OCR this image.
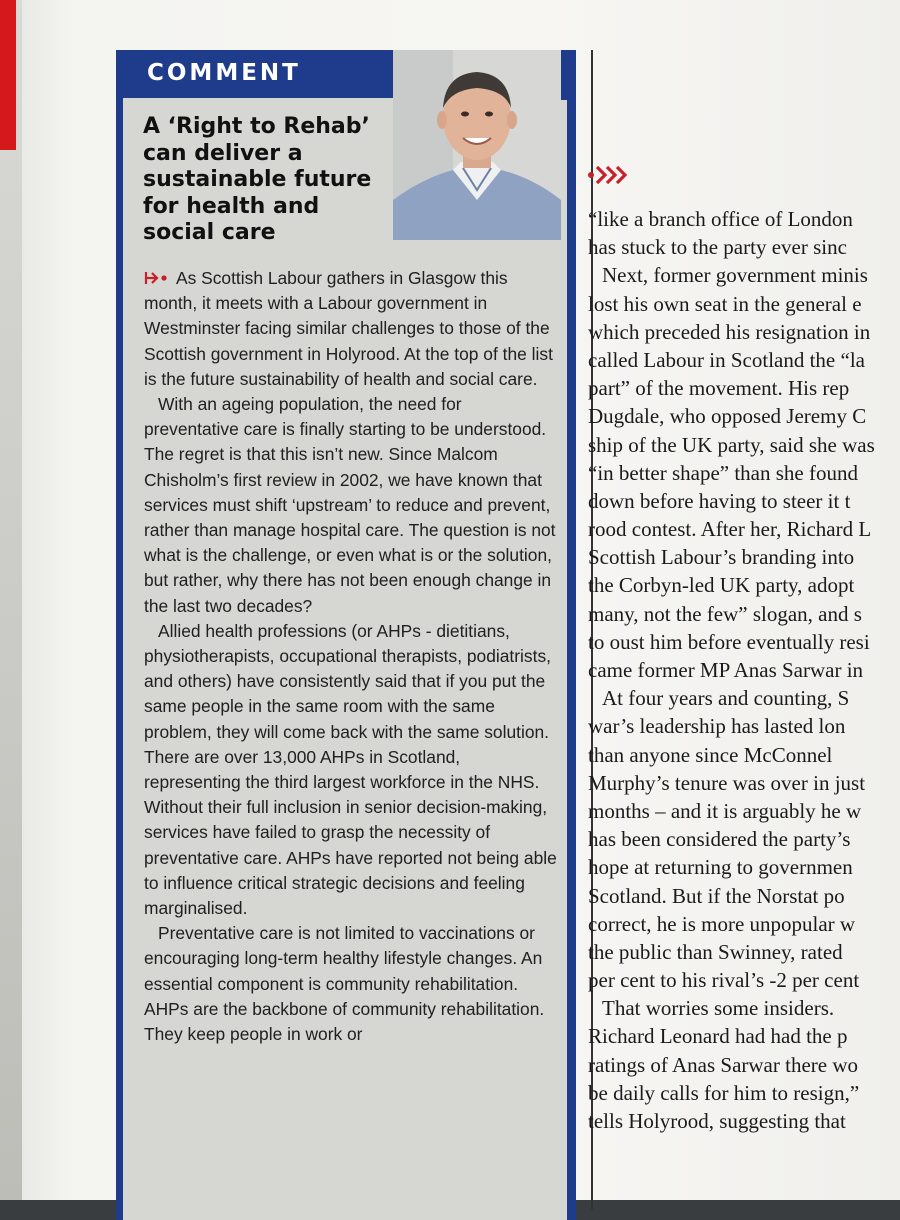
COMMENT
A ‘Right to Rehab’ can deliver a sustainable future for health and social care

As Scottish Labour gathers in Glasgow this month, it meets with a Labour government in Westminster facing similar challenges to those of the Scottish government in Holyrood. At the top of the list is the future sustainability of health and social care.

With an ageing population, the need for preventative care is finally starting to be understood. The regret is that this isn’t new. Since Malcom Chisholm’s first review in 2002, we have known that services must shift ‘upstream’ to reduce and prevent, rather than manage hospital care. The question is not what is the challenge, or even what is or the solution, but rather, why there has not been enough change in the last two decades?

Allied health professions (or AHPs - dietitians, physiotherapists, occupational therapists, podiatrists, and others) have consistently said that if you put the same people in the same room with the same problem, they will come back with the same solution. There are over 13,000 AHPs in Scotland, representing the third largest workforce in the NHS. Without their full inclusion in senior decision-making, services have failed to grasp the necessity of preventative care. AHPs have reported not being able to influence critical strategic decisions and feeling marginalised.

Preventative care is not limited to vaccinations or encouraging long-term healthy lifestyle changes. An essential component is community rehabilitation. AHPs are the backbone of community rehabilitation. They keep people in work or

“like a branch office of London
has stuck to the party ever sinc
Next, former government minis
lost his own seat in the general e
which preceded his resignation in
called Labour in Scotland the “la
part” of the movement. His rep
Dugdale, who opposed Jeremy C
ship of the UK party, said she was
“in better shape” than she found
down before having to steer it t
rood contest. After her, Richard L
Scottish Labour’s branding into
the Corbyn-led UK party, adopt
many, not the few” slogan, and s
to oust him before eventually resi
came former MP Anas Sarwar in
At four years and counting, S
war’s leadership has lasted lon
than anyone since McConnel
Murphy’s tenure was over in just
months – and it is arguably he w
has been considered the party’s
hope at returning to governmen
Scotland. But if the Norstat po
correct, he is more unpopular w
the public than Swinney, rated
per cent to his rival’s -2 per cent
That worries some insiders.
Richard Leonard had had the p
ratings of Anas Sarwar there wo
be daily calls for him to resign,”
tells Holyrood, suggesting that
